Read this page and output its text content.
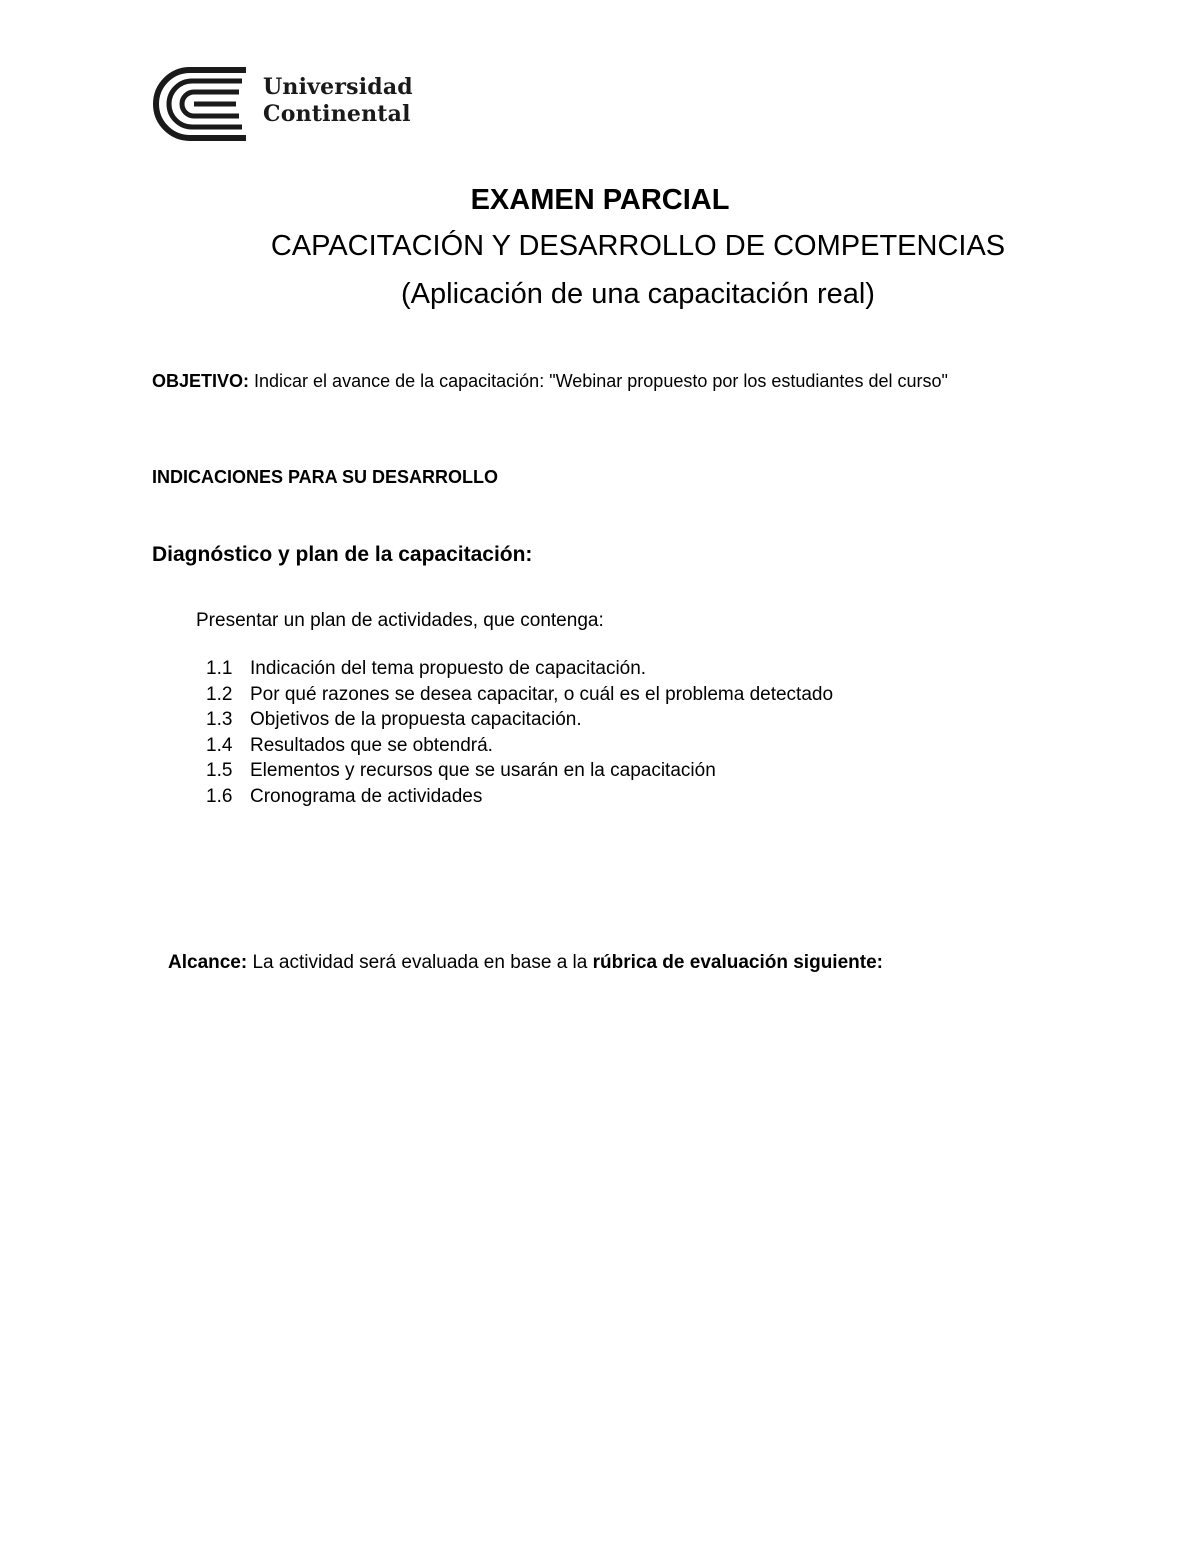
Universidad
Continental
EXAMEN PARCIAL
CAPACITACIÓN Y DESARROLLO DE COMPETENCIAS
(Aplicación de una capacitación real)
OBJETIVO: Indicar el avance de la capacitación: "Webinar propuesto por los estudiantes del curso"
INDICACIONES PARA SU DESARROLLO
Diagnóstico y plan de la capacitación:
Presentar un plan de actividades, que contenga:
1.1 Indicación del tema propuesto de capacitación.
1.2 Por qué razones se desea capacitar, o cuál es el problema detectado
1.3 Objetivos de la propuesta capacitación.
1.4 Resultados que se obtendrá.
1.5 Elementos y recursos que se usarán en la capacitación
1.6 Cronograma de actividades
Alcance: La actividad será evaluada en base a la rúbrica de evaluación siguiente:
